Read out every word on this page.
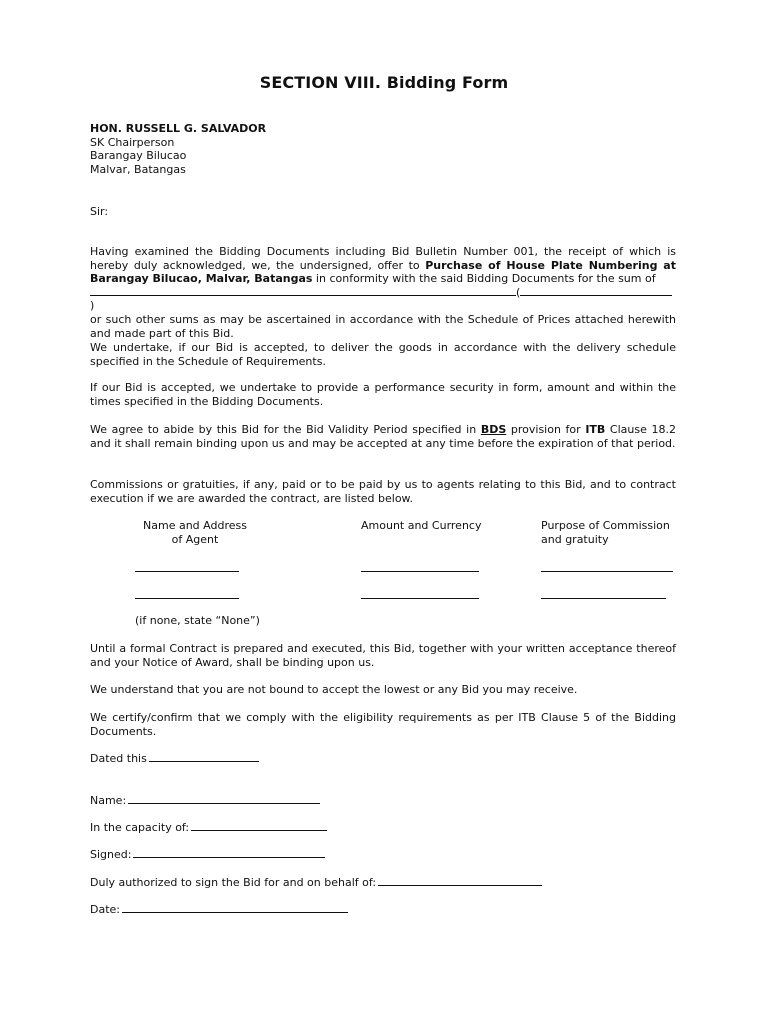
SECTION VIII. Bidding Form
HON. RUSSELL G. SALVADOR
SK Chairperson
Barangay Bilucao
Malvar, Batangas
Sir:
Having examined the Bidding Documents including Bid Bulletin Number 001, the receipt of which is hereby duly acknowledged, we, the undersigned, offer to Purchase of House Plate Numbering at Barangay Bilucao, Malvar, Batangas in conformity with the said Bidding Documents for the sum of
()
or such other sums as may be ascertained in accordance with the Schedule of Prices attached herewith and made part of this Bid.
We undertake, if our Bid is accepted, to deliver the goods in accordance with the delivery schedule specified in the Schedule of Requirements.
If our Bid is accepted, we undertake to provide a performance security in form, amount and within the times specified in the Bidding Documents.
We agree to abide by this Bid for the Bid Validity Period specified in BDS provision for ITB Clause 18.2 and it shall remain binding upon us and may be accepted at any time before the expiration of that period.
Commissions or gratuities, if any, paid or to be paid by us to agents relating to this Bid, and to contract execution if we are awarded the contract, are listed below.
Name and Address
of Agent
Amount and Currency	Purpose of Commission
and gratuity
(if none, state “None”)
Until a formal Contract is prepared and executed, this Bid, together with your written acceptance thereof and your Notice of Award, shall be binding upon us.
We understand that you are not bound to accept the lowest or any Bid you may receive.
We certify/confirm that we comply with the eligibility requirements as per ITB Clause 5 of the Bidding Documents.
Dated this
Name:
In the capacity of:
Signed:
Duly authorized to sign the Bid for and on behalf of:
Date:
